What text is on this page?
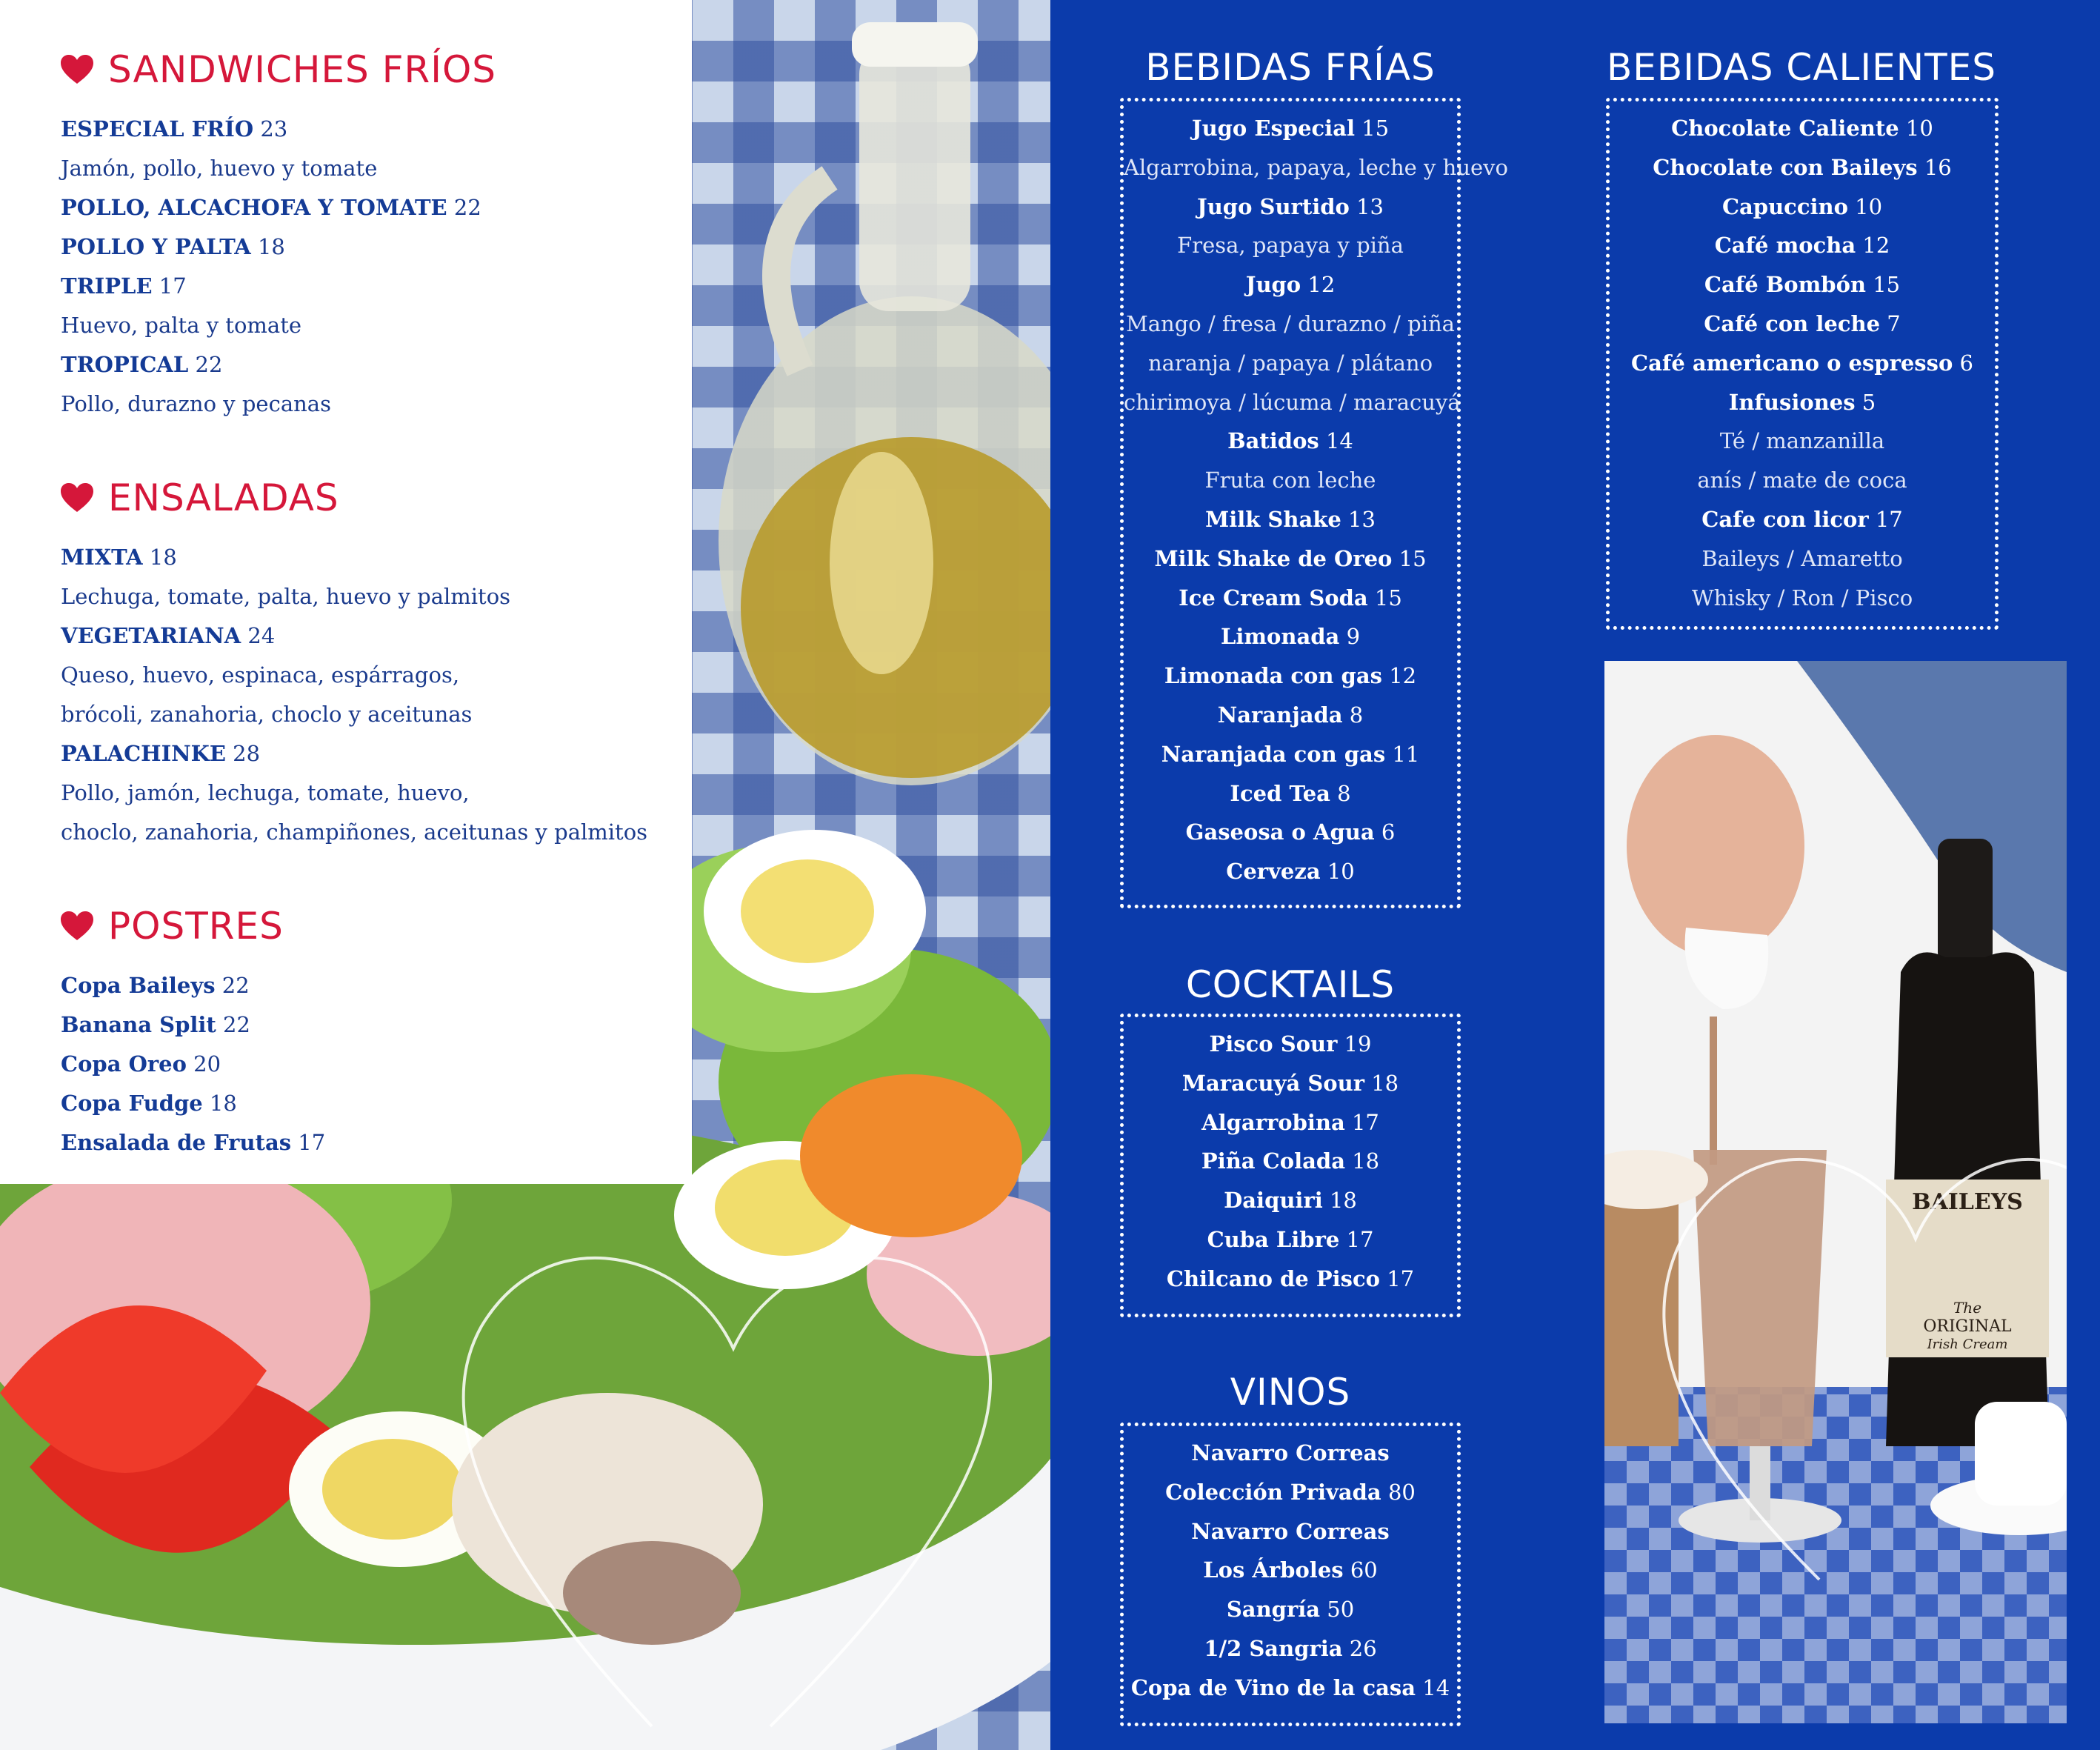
SANDWICHES FRÍOS
ESPECIAL FRÍO 23
Jamón, pollo, huevo y tomate
POLLO, ALCACHOFA Y TOMATE 22
POLLO Y PALTA 18
TRIPLE 17
Huevo, palta y tomate
TROPICAL 22
Pollo, durazno y pecanas
ENSALADAS
MIXTA 18
Lechuga, tomate, palta, huevo y palmitos
VEGETARIANA 24
Queso, huevo, espinaca, espárragos,
brócoli, zanahoria, choclo y aceitunas
PALACHINKE 28
Pollo, jamón, lechuga, tomate, huevo,
choclo, zanahoria, champiñones, aceitunas y palmitos
POSTRES
Copa Baileys 22
Banana Split 22
Copa Oreo 20
Copa Fudge 18
Ensalada de Frutas 17
BEBIDAS FRÍAS
Jugo Especial 15
Algarrobina, papaya, leche y huevo
Jugo Surtido 13
Fresa, papaya y piña
Jugo 12
Mango / fresa / durazno / piña
naranja / papaya / plátano
chirimoya / lúcuma / maracuyá
Batidos 14
Fruta con leche
Milk Shake 13
Milk Shake de Oreo 15
Ice Cream Soda 15
Limonada 9
Limonada con gas 12
Naranjada 8
Naranjada con gas 11
Iced Tea 8
Gaseosa o Agua 6
Cerveza 10
BEBIDAS CALIENTES
Chocolate Caliente 10
Chocolate con Baileys 16
Capuccino 10
Café mocha 12
Café Bombón 15
Café con leche 7
Café americano o espresso 6
Infusiones 5
Té / manzanilla
anís / mate de coca
Cafe con licor 17
Baileys / Amaretto
Whisky / Ron / Pisco
COCKTAILS
Pisco Sour 19
Maracuyá Sour 18
Algarrobina 17
Piña Colada 18
Daiquiri 18
Cuba Libre 17
Chilcano de Pisco 17
VINOS
Navarro Correas
Colección Privada 80
Navarro Correas
Los Árboles 60
Sangría 50
1/2 Sangria 26
Copa de Vino de la casa 14
BAILEYS
The
ORIGINAL
Irish Cream
